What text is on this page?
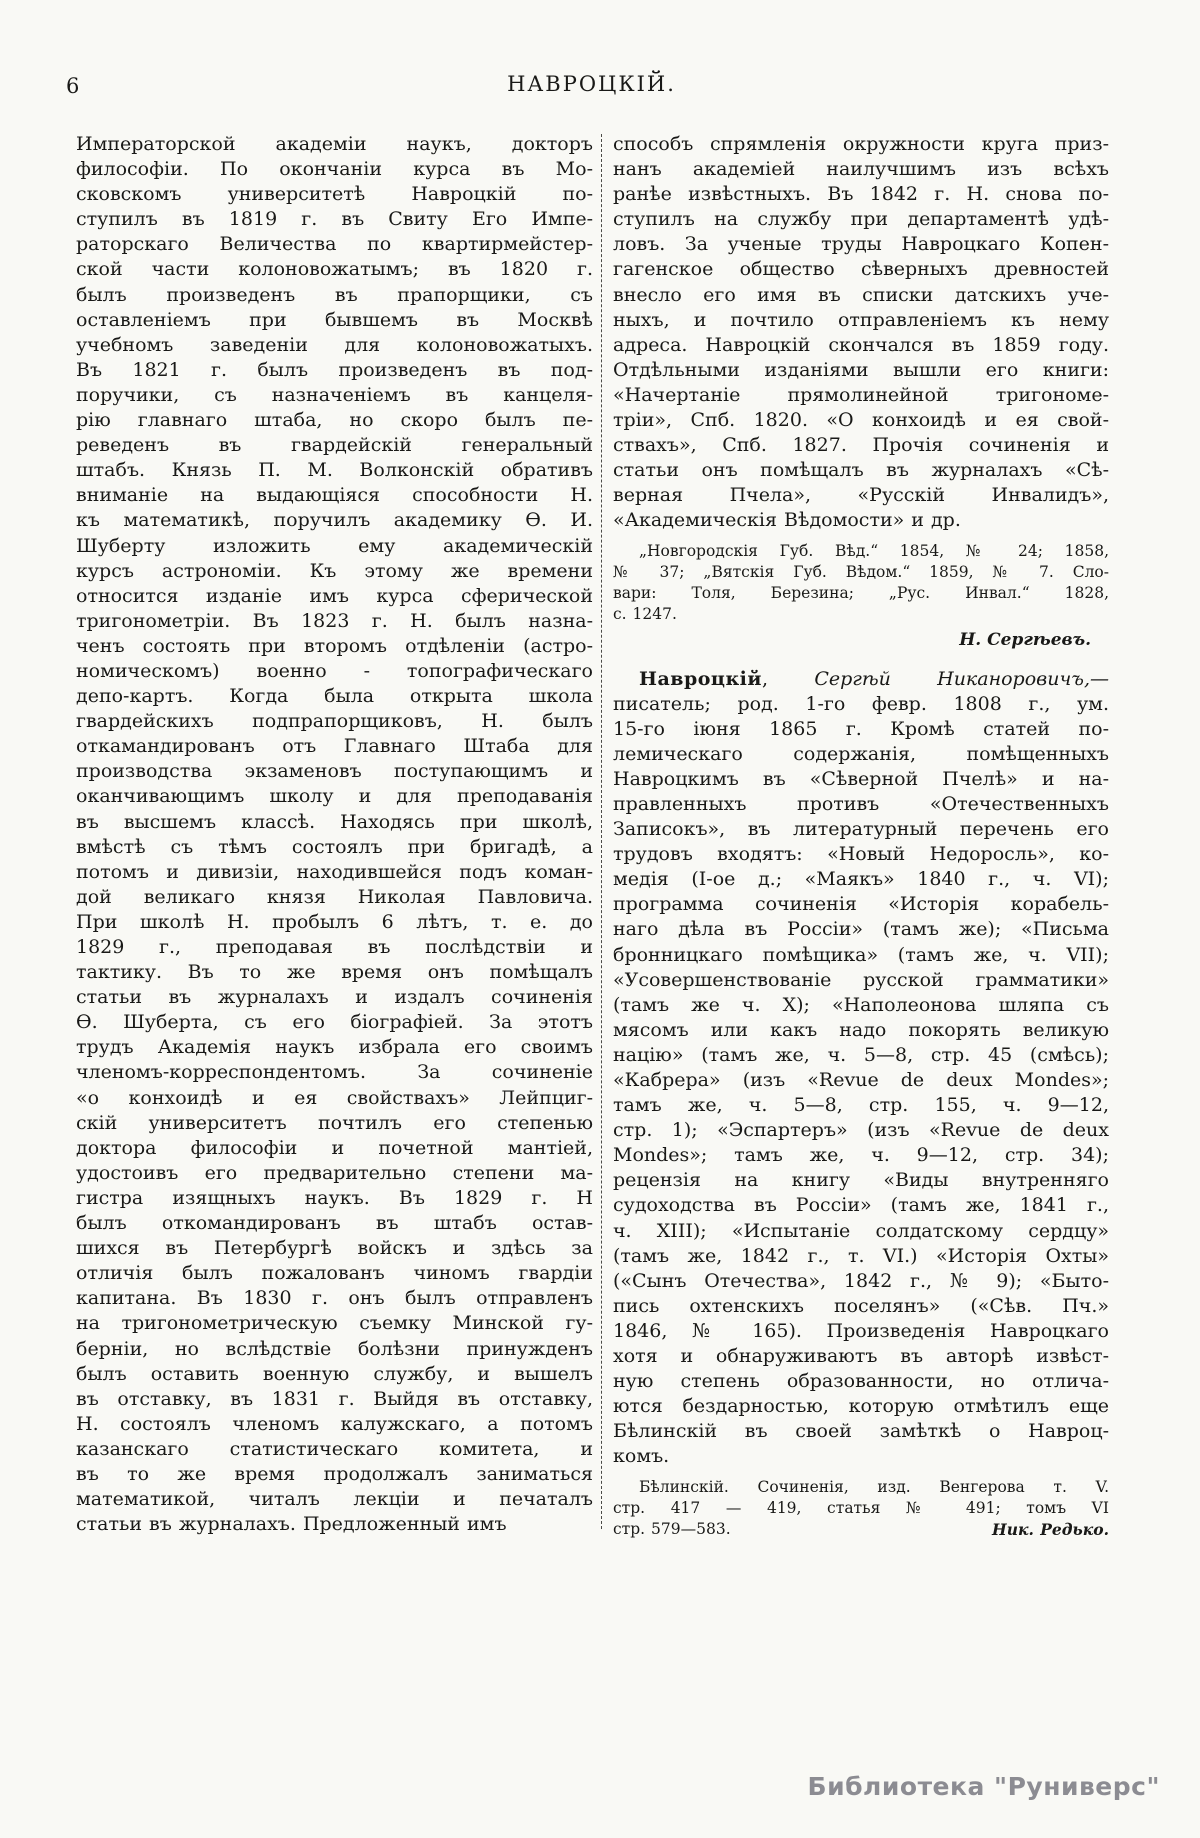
6	НАВРОЦКІЙ.
Императорской академіи наукъ, докторъ
философіи. По окончаніи курса въ Мо-
сковскомъ университетѣ Навроцкій по-
ступилъ въ 1819 г. въ Свиту Его Импе-
раторскаго Величества по квартирмейстер-
ской части колоновожатымъ; въ 1820 г.
былъ произведенъ въ прапорщики, съ
оставленіемъ при бывшемъ въ Москвѣ
учебномъ заведеніи для колоновожатыхъ.
Въ 1821 г. былъ произведенъ въ под-
поручики, съ назначеніемъ въ канцеля-
рію главнаго штаба, но скоро былъ пе-
реведенъ въ гвардейскій генеральный
штабъ. Князь П. М. Волконскій обративъ
вниманіе на выдающіяся способности Н.
къ математикѣ, поручилъ академику Ѳ. И.
Шуберту изложить ему академическій
курсъ астрономіи. Къ этому же времени
относится изданіе имъ курса сферической
тригонометріи. Въ 1823 г. Н. былъ назна-
ченъ состоять при второмъ отдѣленіи (астро-
номическомъ) военно - топографическаго
депо-картъ. Когда была открыта школа
гвардейскихъ подпрапорщиковъ, Н. былъ
откамандированъ отъ Главнаго Штаба для
производства экзаменовъ поступающимъ и
оканчивающимъ школу и для преподаванія
въ высшемъ классѣ. Находясь при школѣ,
вмѣстѣ съ тѣмъ состоялъ при бригадѣ, а
потомъ и дивизіи, находившейся подъ коман-
дой великаго князя Николая Павловича.
При школѣ Н. пробылъ 6 лѣтъ, т. е. до
1829 г., преподавая въ послѣдствіи и
тактику. Въ то же время онъ помѣщалъ
статьи въ журналахъ и издалъ сочиненія
Ѳ. Шуберта, съ его біографіей. За этотъ
трудъ Академія наукъ избрала его своимъ
членомъ-корреспондентомъ. За сочиненіе
«о конхоидѣ и ея свойствахъ» Лейпциг-
скій университетъ почтилъ его степенью
доктора философіи и почетной мантіей,
удостоивъ его предварительно степени ма-
гистра изящныхъ наукъ. Въ 1829 г. Н
былъ откомандированъ въ штабъ остав-
шихся въ Петербургѣ войскъ и здѣсь за
отличія былъ пожалованъ чиномъ гвардіи
капитана. Въ 1830 г. онъ былъ отправленъ
на тригонометрическую съемку Минской гу-
берніи, но вслѣдствіе болѣзни принужденъ
былъ оставить военную службу, и вышелъ
въ отставку, въ 1831 г. Выйдя въ отставку,
Н. состоялъ членомъ калужскаго, а потомъ
казанскаго статистическаго комитета, и
въ то же время продолжалъ заниматься
математикой, читалъ лекціи и печаталъ
статьи въ журналахъ. Предложенный имъ
способъ спрямленія окружности круга приз-
нанъ академіей наилучшимъ изъ всѣхъ
ранѣе извѣстныхъ. Въ 1842 г. Н. снова по-
ступилъ на службу при департаментѣ удѣ-
ловъ. За ученые труды Навроцкаго Копен-
гагенское общество сѣверныхъ древностей
внесло его имя въ списки датскихъ уче-
ныхъ, и почтило отправленіемъ къ нему
адреса. Навроцкій скончался въ 1859 году.
Отдѣльными изданіями вышли его книги:
«Начертаніе прямолинейной тригономе-
тріи», Спб. 1820. «О конхоидѣ и ея свой-
ствахъ», Спб. 1827. Прочія сочиненія и
статьи онъ помѣщалъ въ журналахъ «Сѣ-
верная Пчела», «Русскій Инвалидъ»,
«Академическія Вѣдомости» и др.
„Новгородскія Губ. Вѣд.“ 1854, № 24; 1858,
№ 37; „Вятскія Губ. Вѣдом.“ 1859, № 7. Сло-
вари: Толя, Березина; „Рус. Инвал.“ 1828,
с. 1247.
Н. Сергѣевъ.
Навроцкій, Сергѣй Никаноровичъ,—
писатель; род. 1-го февр. 1808 г., ум.
15-го іюня 1865 г. Кромѣ статей по-
лемическаго содержанія, помѣщенныхъ
Навроцкимъ въ «Сѣверной Пчелѣ» и на-
правленныхъ противъ «Отечественныхъ
Записокъ», въ литературный перечень его
трудовъ входятъ: «Новый Недоросль», ко-
медія (I-ое д.; «Маякъ» 1840 г., ч. VI);
программа сочиненія «Исторія корабель-
наго дѣла въ Россіи» (тамъ же); «Письма
бронницкаго помѣщика» (тамъ же, ч. VII);
«Усовершенствованіе русской грамматики»
(тамъ же ч. X); «Наполеонова шляпа съ
мясомъ или какъ надо покорять великую
націю» (тамъ же, ч. 5—8, стр. 45 (смѣсь);
«Кабрера» (изъ «Revue de deux Mondes»;
тамъ же, ч. 5—8, стр. 155, ч. 9—12,
стр. 1); «Эспартеръ» (изъ «Revue de deux
Mondes»; тамъ же, ч. 9—12, стр. 34);
рецензія на книгу «Виды внутренняго
судоходства въ Россіи» (тамъ же, 1841 г.,
ч. XIII); «Испытаніе солдатскому сердцу»
(тамъ же, 1842 г., т. VI.) «Исторія Охты»
(«Сынъ Отечества», 1842 г., № 9); «Быто-
пись охтенскихъ поселянъ» («Сѣв. Пч.»
1846, № 165). Произведенія Навроцкаго
хотя и обнаруживаютъ въ авторѣ извѣст-
ную степень образованности, но отлича-
ются бездарностью, которую отмѣтилъ еще
Бѣлинскій въ своей замѣткѣ о Навроц-
комъ.
Бѣлинскій. Сочиненія, изд. Венгерова т. V.
стр. 417 — 419, статья № 491; томъ VI
стр. 579—583.	Ник. Редько.
Библиотека "Руниверс"
